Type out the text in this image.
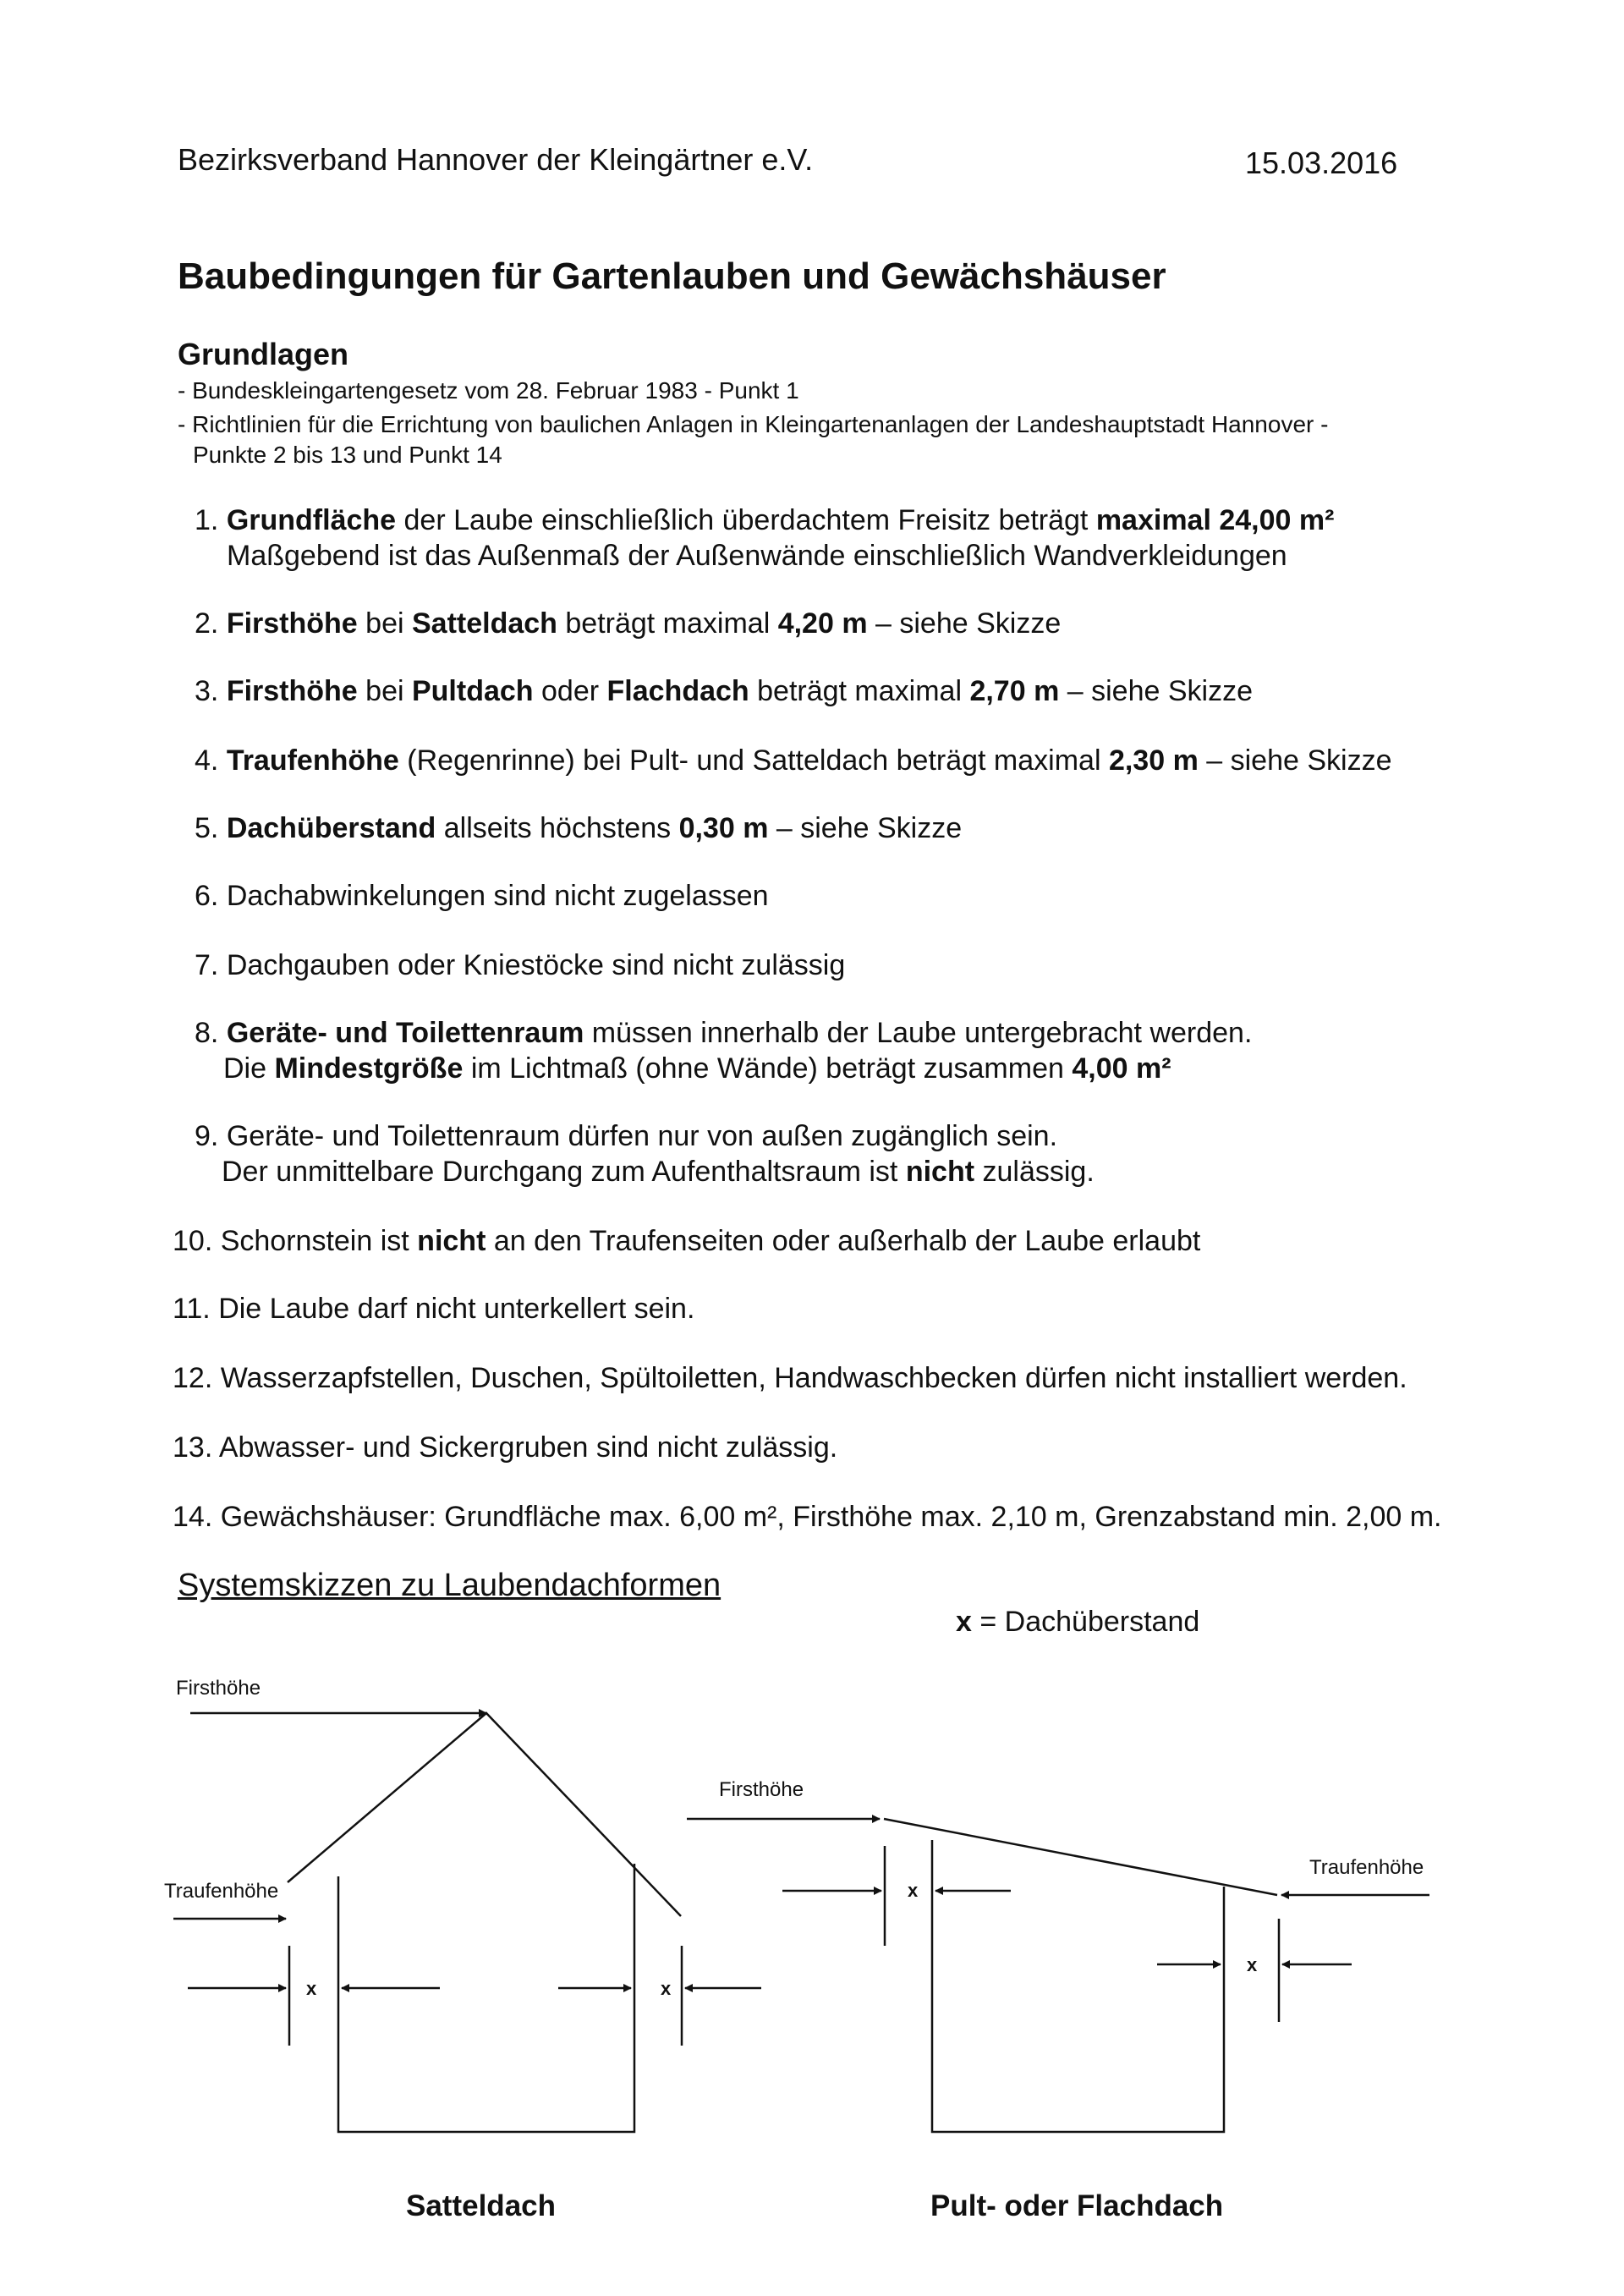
Bezirksverband Hannover der Kleingärtner e.V.	15.03.2016
Baubedingungen für Gartenlauben und Gewächshäuser
Grundlagen
- Bundeskleingartengesetz vom 28. Februar 1983 - Punkt 1
- Richtlinien für die Errichtung von baulichen Anlagen in Kleingartenanlagen der Landeshauptstadt Hannover -
Punkte 2 bis 13 und Punkt 14
1. Grundfläche der Laube einschließlich überdachtem Freisitz beträgt maximal 24,00 m²
Maßgebend ist das Außenmaß der Außenwände einschließlich Wandverkleidungen
2. Firsthöhe bei Satteldach beträgt maximal 4,20 m – siehe Skizze
3. Firsthöhe bei Pultdach oder Flachdach beträgt maximal 2,70 m – siehe Skizze
4. Traufenhöhe (Regenrinne) bei Pult- und Satteldach beträgt maximal 2,30 m – siehe Skizze
5. Dachüberstand allseits höchstens 0,30 m – siehe Skizze
6. Dachabwinkelungen sind nicht zugelassen
7. Dachgauben oder Kniestöcke sind nicht zulässig
8. Geräte- und Toilettenraum müssen innerhalb der Laube untergebracht werden.
Die Mindestgröße im Lichtmaß (ohne Wände) beträgt zusammen 4,00 m²
9. Geräte- und Toilettenraum dürfen nur von außen zugänglich sein.
Der unmittelbare Durchgang zum Aufenthaltsraum ist nicht zulässig.
10. Schornstein ist nicht an den Traufenseiten oder außerhalb der Laube erlaubt
11. Die Laube darf nicht unterkellert sein.
12. Wasserzapfstellen, Duschen, Spültoiletten, Handwaschbecken dürfen nicht installiert werden.
13. Abwasser- und Sickergruben sind nicht zulässig.
14. Gewächshäuser: Grundfläche max. 6,00 m², Firsthöhe max. 2,10 m, Grenzabstand min. 2,00 m.
Systemskizzen zu Laubendachformen
x = Dachüberstand
Firsthöhe
Traufenhöhe
x	x
Firsthöhe
Traufenhöhe
x
x
Satteldach	Pult- oder Flachdach
